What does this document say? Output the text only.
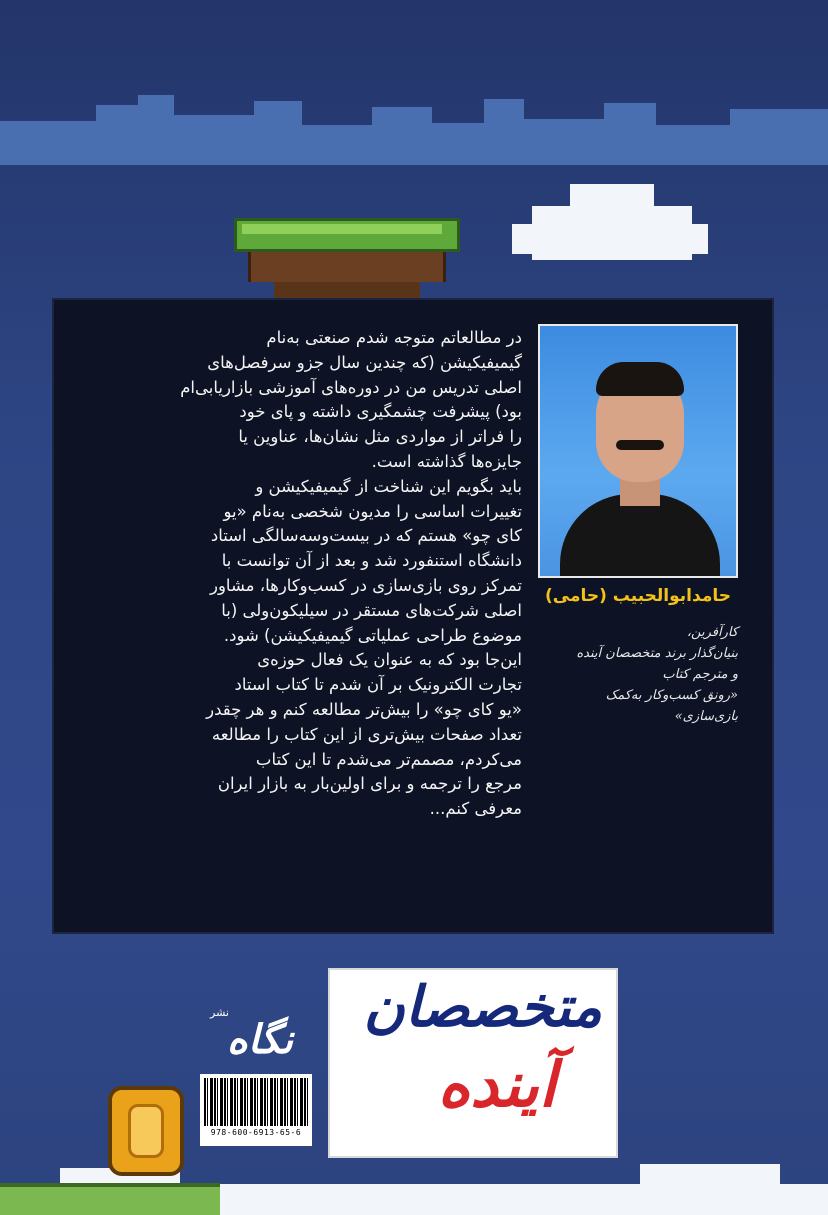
حامدابوالحبیب (حامی)
کارآفرین،
بنیان‌گذار برند متخصصان آینده
و مترجم کتاب
«رونق کسب‌وکار به‌کمک
بازی‌سازی»
در مطالعاتم متوجه شدم صنعتی به‌نام
گیمیفیکیشن (که چندین سال جزو سرفصل‌های
اصلی تدریس من در دوره‌های آموزشی بازاریابی‌ام
بود) پیشرفت چشمگیری داشته و پای خود
را فراتر از مواردی مثل نشان‌ها، عناوین یا
جایزه‌ها گذاشته است.
باید بگویم این شناخت از گیمیفیکیشن و
تغییرات اساسی را مدیون شخصی به‌نام «یو
کای چو» هستم که در بیست‌وسه‌سالگی استاد
دانشگاه استنفورد شد و بعد از آن توانست با
تمرکز روی بازی‌سازی در کسب‌وکارها، مشاور
اصلی شرکت‌های مستقر در سیلیکون‌ولی (با
موضوع طراحی عملیاتی گیمیفیکیشن) شود.
این‌جا بود که به عنوان یک فعال حوزه‌ی
تجارت الکترونیک بر آن شدم تا کتاب استاد
«یو کای چو» را بیش‌تر مطالعه کنم و هر چقدر
تعداد صفحات بیش‌تری از این کتاب را مطالعه
می‌کردم، مصمم‌تر می‌شدم تا این کتاب
مرجع را ترجمه و برای اولین‌بار به بازار ایران
معرفی کنم...
متخصصان
آینده
نشر
نگاه
978-600-6913-65-6
